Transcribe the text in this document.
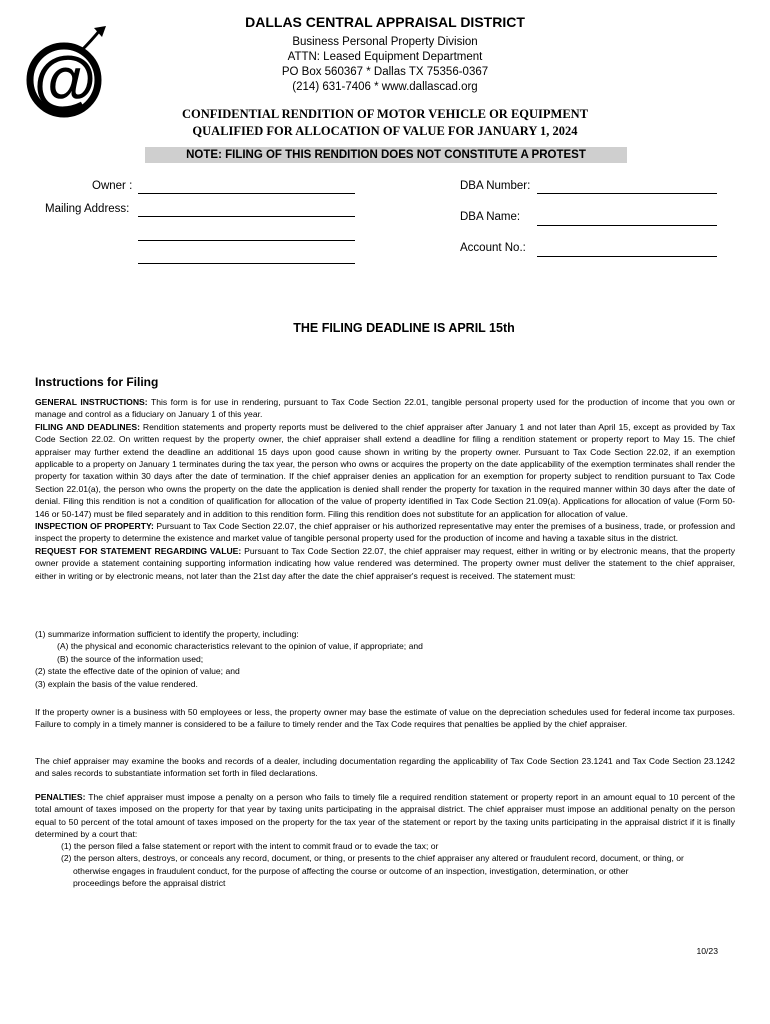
@
DALLAS CENTRAL APPRAISAL DISTRICT
Business Personal Property Division
ATTN: Leased Equipment Department
PO Box 560367 * Dallas TX 75356-0367
(214) 631-7406 * www.dallascad.org
CONFIDENTIAL RENDITION OF MOTOR VEHICLE OR EQUIPMENT
QUALIFIED FOR ALLOCATION OF VALUE FOR JANUARY 1, 2024
NOTE: FILING OF THIS RENDITION DOES NOT CONSTITUTE A PROTEST
Owner :
Mailing Address:
DBA Number:
DBA Name:
Account No.:
THE FILING DEADLINE IS APRIL 15th
Instructions for Filing

GENERAL INSTRUCTIONS: This form is for use in rendering, pursuant to Tax Code Section 22.01, tangible personal property used for the production of income that you own or manage and control as a fiduciary on January 1 of this year.

FILING AND DEADLINES: Rendition statements and property reports must be delivered to the chief appraiser after January 1 and not later than April 15, except as provided by Tax Code Section 22.02. On written request by the property owner, the chief appraiser shall extend a deadline for filing a rendition statement or property report to May 15. The chief appraiser may further extend the deadline an additional 15 days upon good cause shown in writing by the property owner. Pursuant to Tax Code Section 22.02, if an exemption applicable to a property on January 1 terminates during the tax year, the person who owns or acquires the property on the date applicability of the exemption terminates shall render the property for taxation within 30 days after the date of termination. If the chief appraiser denies an application for an exemption for property subject to rendition pursuant to Tax Code Section 22.01(a), the person who owns the property on the date the application is denied shall render the property for taxation in the required manner within 30 days after the date of denial. Filing this rendition is not a condition of qualification for allocation of the value of property identified in Tax Code Section 21.09(a). Applications for allocation of value (Form 50-146 or 50-147) must be filed separately and in addition to this rendition form. Filing this rendition does not substitute for an application for allocation of value.

INSPECTION OF PROPERTY: Pursuant to Tax Code Section 22.07, the chief appraiser or his authorized representative may enter the premises of a business, trade, or profession and inspect the property to determine the existence and market value of tangible personal property used for the production of income and having a taxable situs in the district.

REQUEST FOR STATEMENT REGARDING VALUE: Pursuant to Tax Code Section 22.07, the chief appraiser may request, either in writing or by electronic means, that the property owner provide a statement containing supporting information indicating how value rendered was determined. The property owner must deliver the statement to the chief appraiser, either in writing or by electronic means, not later than the 21st day after the date the chief appraiser's request is received. The statement must:

(1) summarize information sufficient to identify the property, including:
(A) the physical and economic characteristics relevant to the opinion of value, if appropriate; and
(B) the source of the information used;
(2) state the effective date of the opinion of value; and
(3) explain the basis of the value rendered.
If the property owner is a business with 50 employees or less, the property owner may base the estimate of value on the depreciation schedules used for federal income tax purposes. Failure to comply in a timely manner is considered to be a failure to timely render and the Tax Code requires that penalties be applied by the chief appraiser.
The chief appraiser may examine the books and records of a dealer, including documentation regarding the applicability of Tax Code Section 23.1241 and Tax Code Section 23.1242 and sales records to substantiate information set forth in filed declarations.

PENALTIES: The chief appraiser must impose a penalty on a person who fails to timely file a required rendition statement or property report in an amount equal to 10 percent of the total amount of taxes imposed on the property for that year by taxing units participating in the appraisal district. The chief appraiser must impose an additional penalty on the person equal to 50 percent of the total amount of taxes imposed on the property for the tax year of the statement or report by the taxing units participating in the appraisal district if it is finally determined by a court that:

(1) the person filed a false statement or report with the intent to commit fraud or to evade the tax; or
(2) the person alters, destroys, or conceals any record, document, or thing, or presents to the chief appraiser any altered or fraudulent record, document, or thing, or
otherwise engages in fraudulent conduct, for the purpose of affecting the course or outcome of an inspection, investigation, determination, or other
proceedings before the appraisal district
10/23
